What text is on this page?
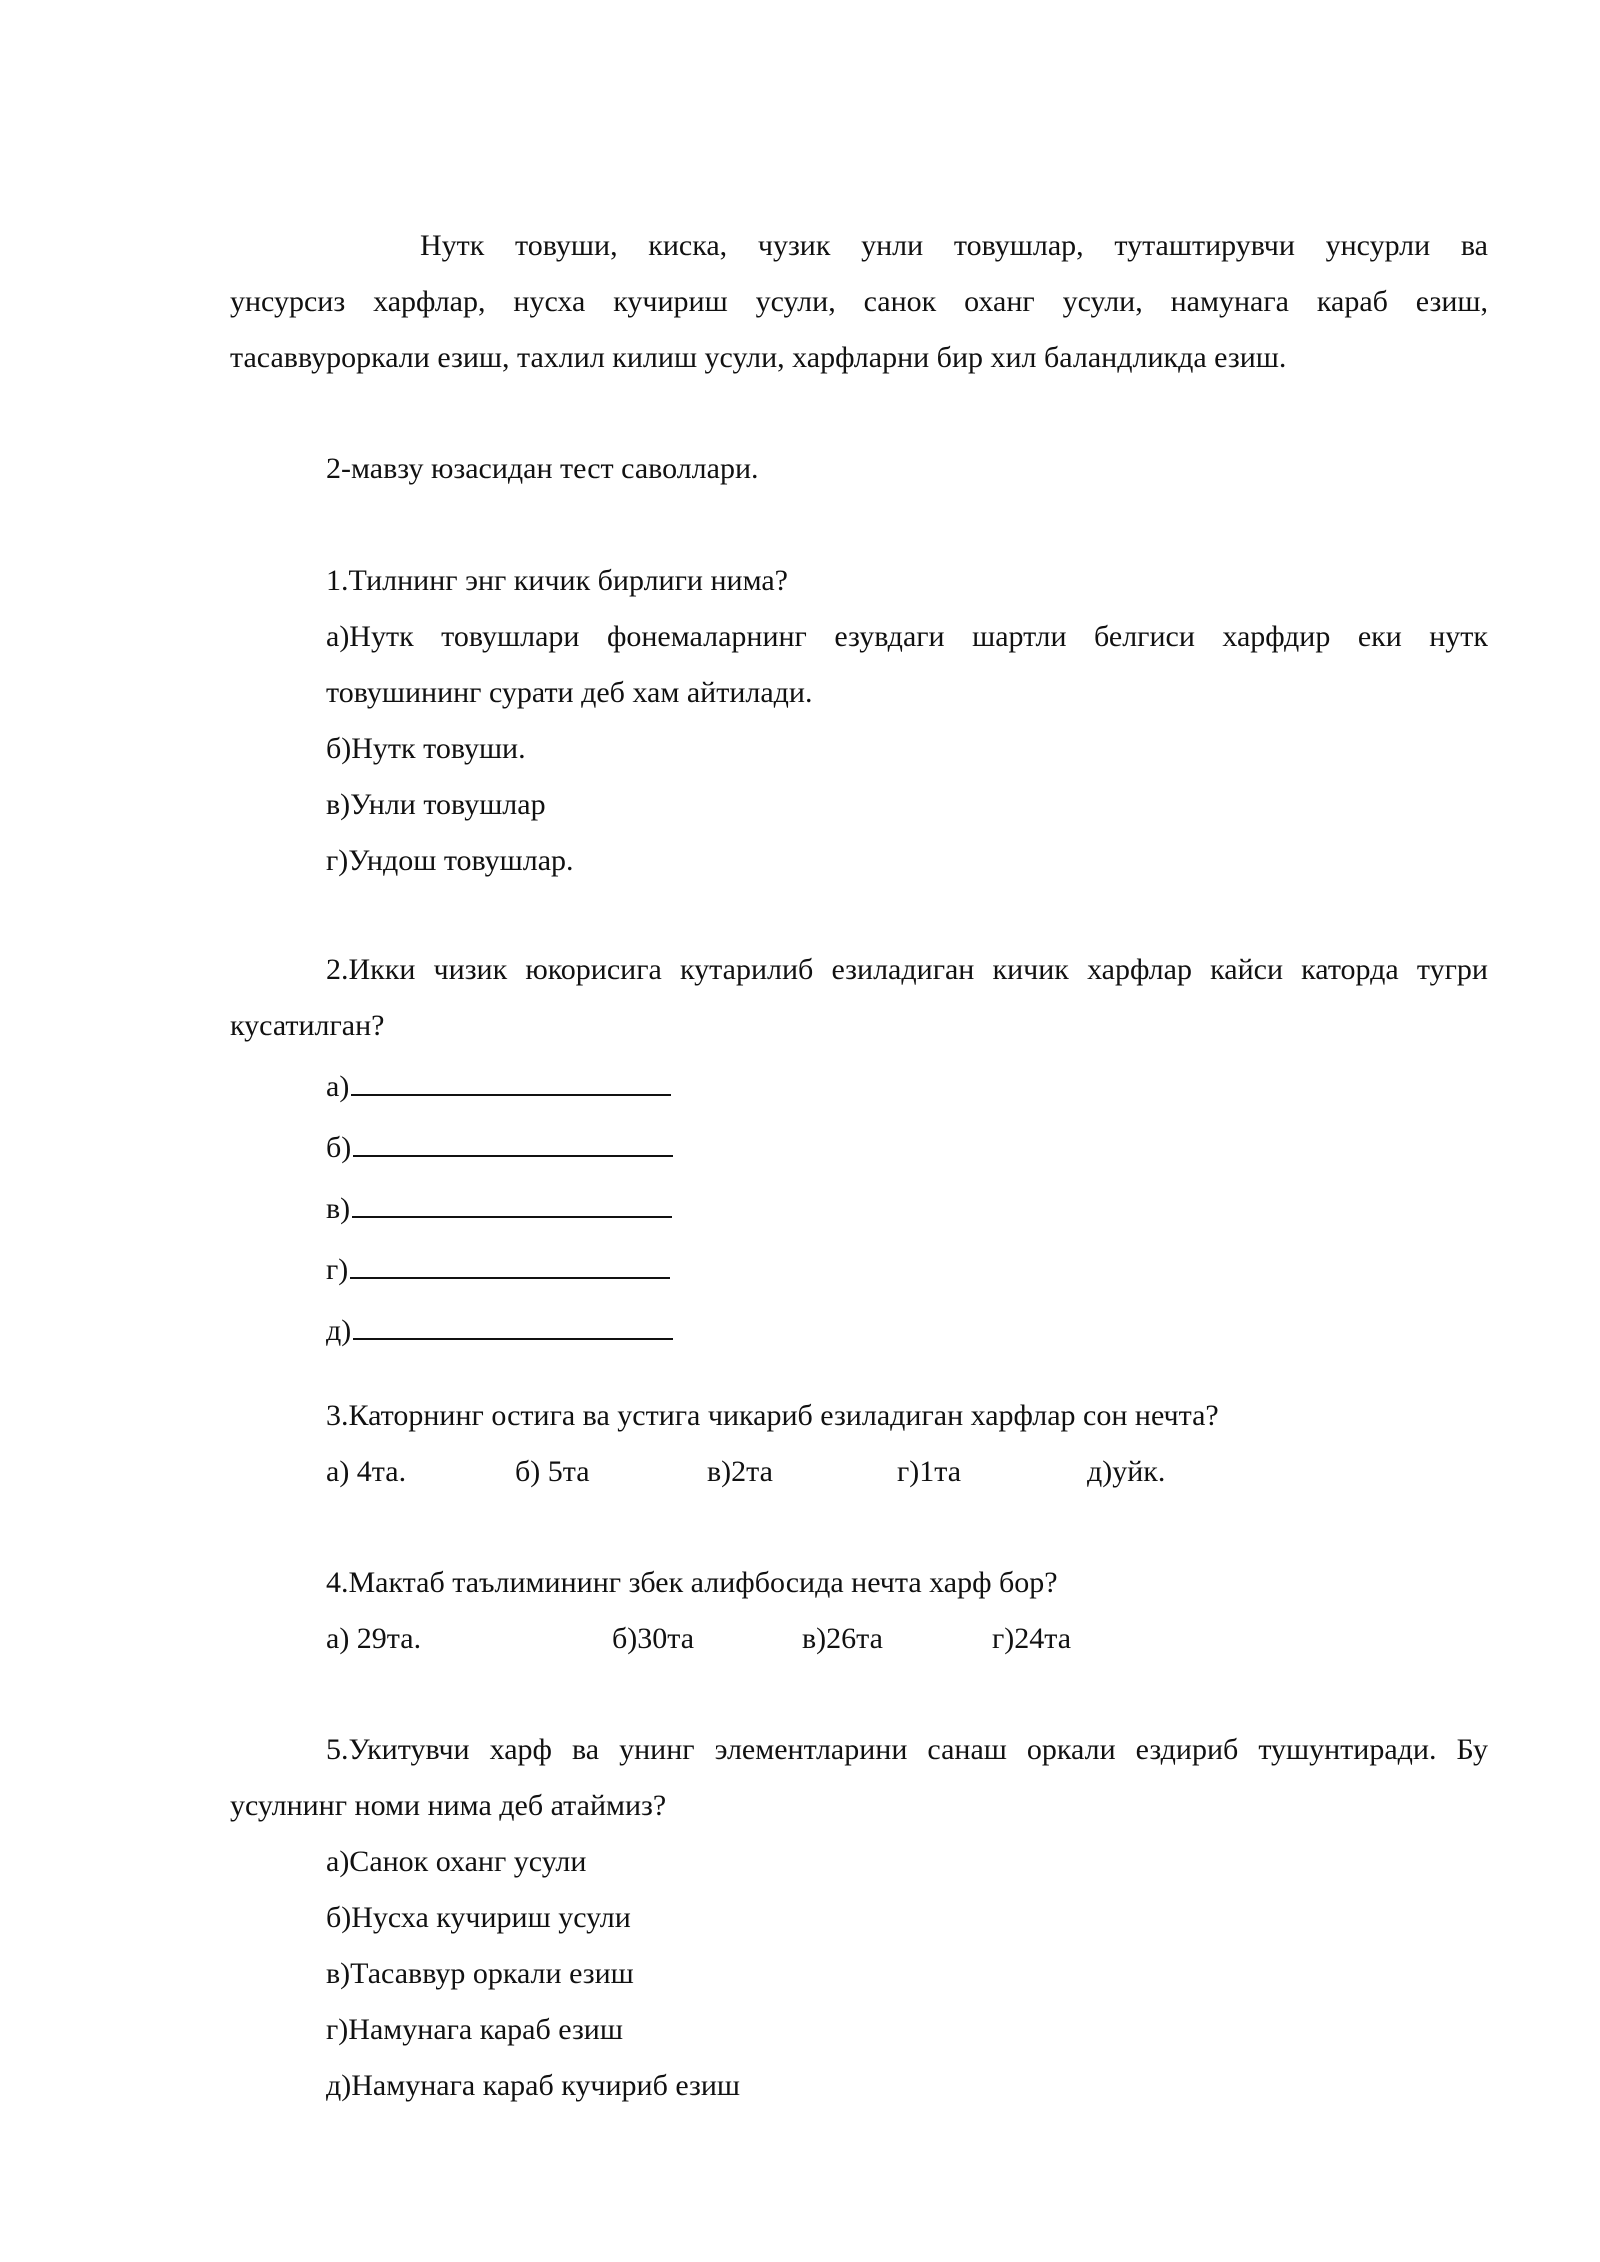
Нутк товуши, киска, чузик унли товушлар, туташтирувчи унсурли ва
унсурсиз харфлар, нусха кучириш усули, санок оханг усули, намунага караб езиш,
тасаввуроркали езиш, тахлил килиш усули, харфларни бир хил баландликда езиш.
2-мавзу юзасидан тест саволлари.
1.Тилнинг энг кичик бирлиги нима?
а)Нутк товушлари фонемаларнинг езувдаги шартли белгиси харфдир еки нутк
товушининг сурати деб хам айтилади.
б)Нутк товуши.
в)Унли товушлар
г)Ундош товушлар.
2.Икки чизик юкорисига кутарилиб езиладиган кичик харфлар кайси каторда тугри
кусатилган?
а)
б)
в)
г)
д)
3.Каторнинг остига ва устига чикариб езиладиган харфлар сон нечта?
а) 4та.	б) 5та	в)2та	г)1та	д)уйк.
4.Мактаб таълимининг збек алифбосида нечта харф бор?
а) 29та.	б)30та	в)26та	г)24та
5.Укитувчи харф ва унинг элементларини санаш оркали ездириб тушунтиради. Бу
усулнинг номи нима деб атаймиз?
а)Санок оханг усули
б)Нусха кучириш усули
в)Тасаввур оркали езиш
г)Намунага караб езиш
д)Намунага караб кучириб езиш
